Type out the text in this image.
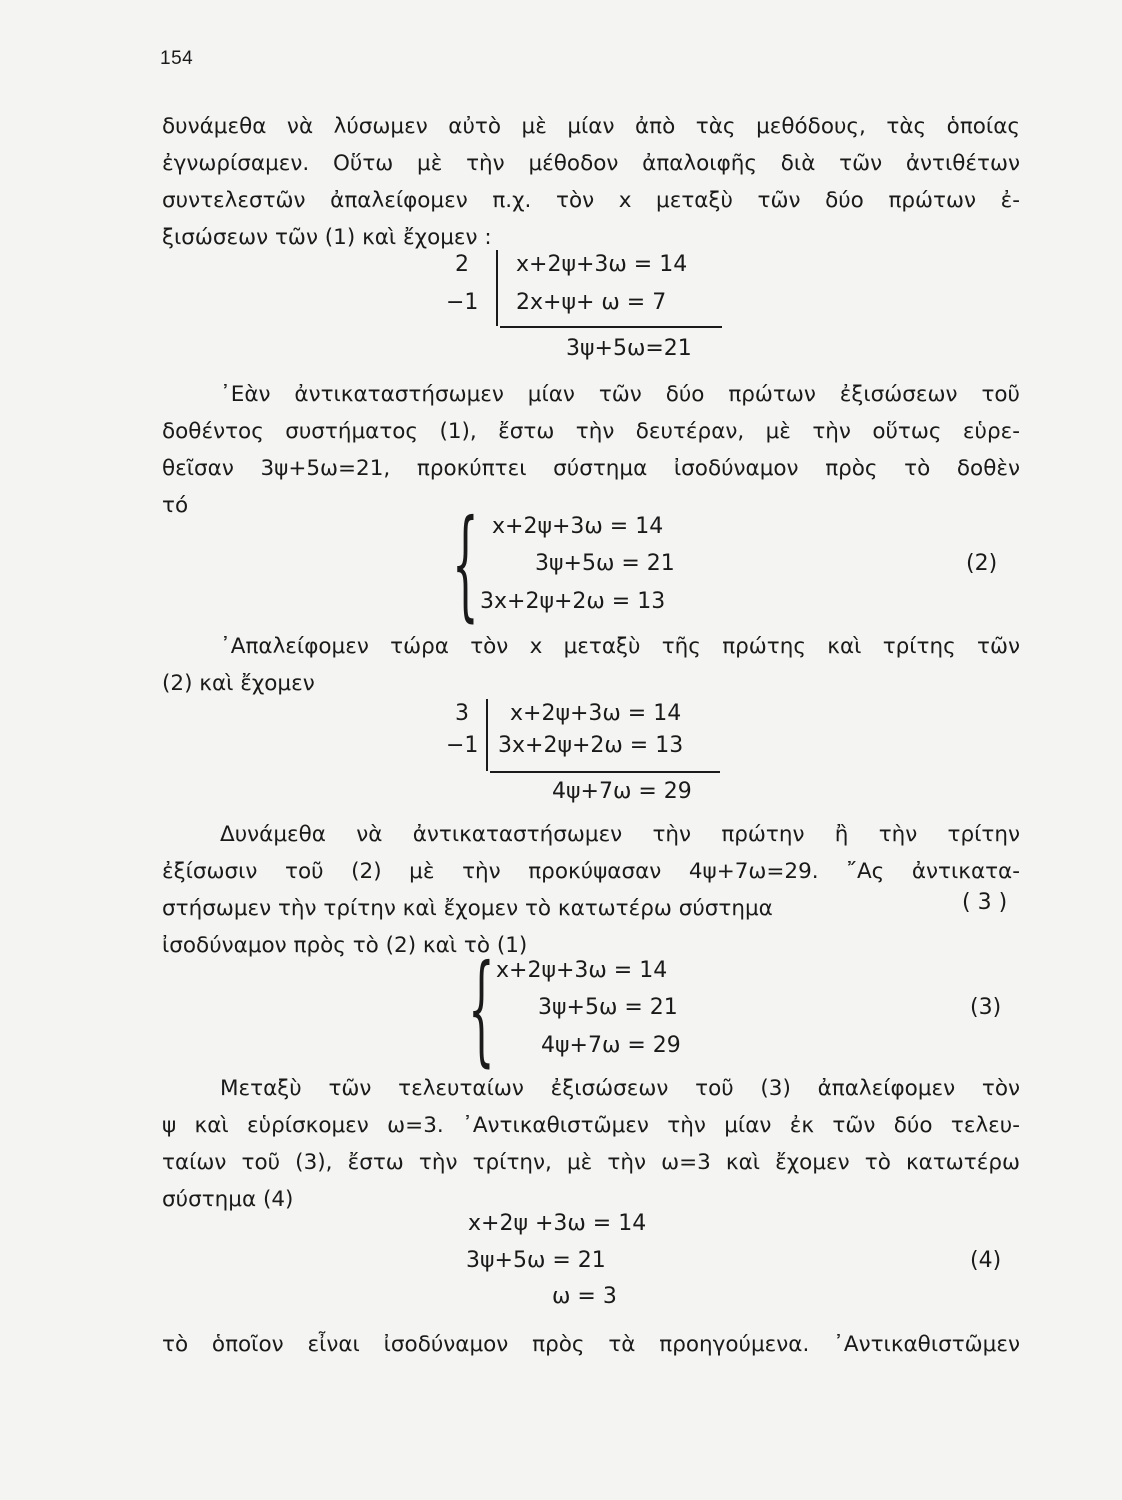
154
δυνάμεθα νὰ λύσωμεν αὐτὸ μὲ μίαν ἀπὸ τὰς μεθόδους, τὰς ὁποίας
ἐγνωρίσαμεν. Οὕτω μὲ τὴν μέθοδον ἀπαλοιφῆς διὰ τῶν ἀντιθέτων
συντελεστῶν ἀπαλείφομεν π.χ. τὸν x μεταξὺ τῶν δύο πρώτων ἐ-
ξισώσεων τῶν (1) καὶ ἔχομεν :
2
−1
x+2ψ+3ω = 14
2x+ψ+ ω = 7
3ψ+5ω=21
᾿Εὰν ἀντικαταστήσωμεν μίαν τῶν δύο πρώτων ἐξισώσεων τοῦ
δοθέντος συστήματος (1), ἔστω τὴν δευτέραν, μὲ τὴν οὕτως εὑρε-
θεῖσαν 3ψ+5ω=21, προκύπτει σύστημα ἰσοδύναμον πρὸς τὸ δοθὲν
τό	{ x+2ψ+3ω = 14
3ψ+5ω = 21
3x+2ψ+2ω = 13
(2)
᾿Απαλείφομεν τώρα τὸν x μεταξὺ τῆς πρώτης καὶ τρίτης τῶν
(2) καὶ ἔχομεν
3
−1
x+2ψ+3ω = 14
3x+2ψ+2ω = 13
4ψ+7ω = 29
Δυνάμεθα νὰ ἀντικαταστήσωμεν τὴν πρώτην ἢ τὴν τρίτην
ἐξίσωσιν τοῦ (2) μὲ τὴν προκύψασαν 4ψ+7ω=29. ῎Ας ἀντικατα-
στήσωμεν τὴν τρίτην καὶ ἔχομεν τὸ κατωτέρω σύστημα
ἰσοδύναμον πρὸς τὸ (2) καὶ τὸ (1)
( 3 )
{ x+2ψ+3ω = 14
3ψ+5ω = 21
4ψ+7ω = 29
(3)
Μεταξὺ τῶν τελευταίων ἐξισώσεων τοῦ (3) ἀπαλείφομεν τὸν
ψ καὶ εὑρίσκομεν ω=3. ᾿Αντικαθιστῶμεν τὴν μίαν ἐκ τῶν δύο τελευ-
ταίων τοῦ (3), ἔστω τὴν τρίτην, μὲ τὴν ω=3 καὶ ἔχομεν τὸ κατωτέρω
σύστημα (4)
x+2ψ +3ω = 14
3ψ+5ω = 21
ω = 3
(4)
τὸ ὁποῖον εἶναι ἰσοδύναμον πρὸς τὰ προηγούμενα. ᾿Αντικαθιστῶμεν
